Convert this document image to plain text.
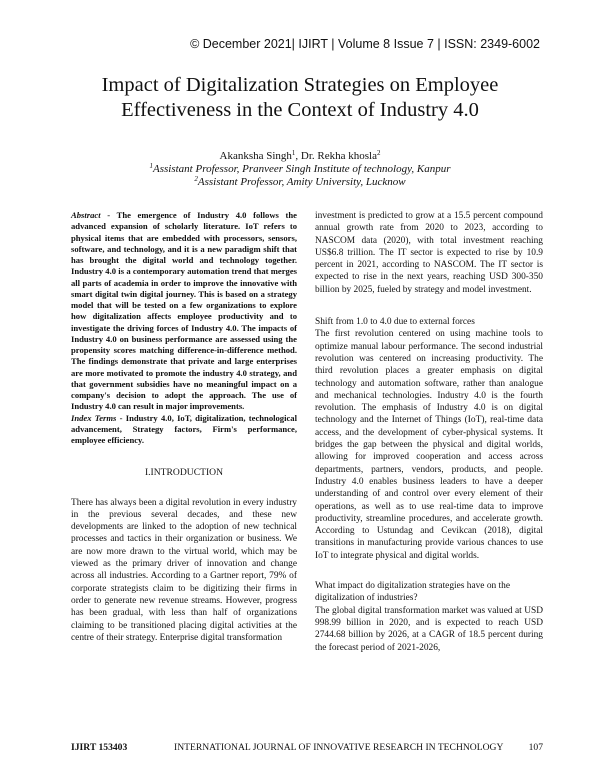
© December 2021| IJIRT | Volume 8 Issue 7 | ISSN: 2349-6002
Impact of Digitalization Strategies on Employee
Effectiveness in the Context of Industry 4.0
Akanksha Singh$^1$, Dr. Rekha khosla$^2$
$^1$Assistant Professor, Pranveer Singh Institute of technology, Kanpur
$^2$Assistant Professor, Amity University, Lucknow

Abstract - The emergence of Industry 4.0 follows the advanced expansion of scholarly literature. IoT refers to physical items that are embedded with processors, sensors, software, and technology, and it is a new paradigm shift that has brought the digital world and technology together. Industry 4.0 is a contemporary automation trend that merges all parts of academia in order to improve the innovative with smart digital twin digital journey. This is based on a strategy model that will be tested on a few organizations to explore how digitalization affects employee productivity and to investigate the driving forces of Industry 4.0. The impacts of Industry 4.0 on business performance are assessed using the propensity scores matching difference-in-difference method. The findings demonstrate that private and large enterprises are more motivated to promote the industry 4.0 strategy, and that government subsidies have no meaningful impact on a company's decision to adopt the approach. The use of Industry 4.0 can result in major improvements.

Index Terms - Industry 4.0, IoT, digitalization, technological advancement, Strategy factors, Firm's performance, employee efficiency.

I.INTRODUCTION

There has always been a digital revolution in every industry in the previous several decades, and these new developments are linked to the adoption of new technical processes and tactics in their organization or business. We are now more drawn to the virtual world, which may be viewed as the primary driver of innovation and change across all industries. According to a Gartner report, 79% of corporate strategists claim to be digitizing their firms in order to generate new revenue streams. However, progress has been gradual, with less than half of organizations claiming to be transitioned placing digital activities at the centre of their strategy. Enterprise digital transformation

investment is predicted to grow at a 15.5 percent compound annual growth rate from 2020 to 2023, according to NASCOM data (2020), with total investment reaching US$6.8 trillion. The IT sector is expected to rise by 10.9 percent in 2021, according to NASCOM. The IT sector is expected to rise in the next years, reaching USD 300-350 billion by 2025, fueled by strategy and model investment.

Shift from 1.0 to 4.0 due to external forces

The first revolution centered on using machine tools to optimize manual labour performance. The second industrial revolution was centered on increasing productivity. The third revolution places a greater emphasis on digital technology and automation software, rather than analogue and mechanical technologies. Industry 4.0 is the fourth revolution. The emphasis of Industry 4.0 is on digital technology and the Internet of Things (IoT), real-time data access, and the development of cyber-physical systems. It bridges the gap between the physical and digital worlds, allowing for improved cooperation and access across departments, partners, vendors, products, and people. Industry 4.0 enables business leaders to have a deeper understanding of and control over every element of their operations, as well as to use real-time data to improve productivity, streamline procedures, and accelerate growth. According to Ustundag and Cevikcan (2018), digital transitions in manufacturing provide various chances to use IoT to integrate physical and digital worlds.

What impact do digitalization strategies have on the digitalization of industries?

The global digital transformation market was valued at USD 998.99 billion in 2020, and is expected to reach USD 2744.68 billion by 2026, at a CAGR of 18.5 percent during the forecast period of 2021-2026,

IJIRT 153403	INTERNATIONAL JOURNAL OF INNOVATIVE RESEARCH IN TECHNOLOGY	107
